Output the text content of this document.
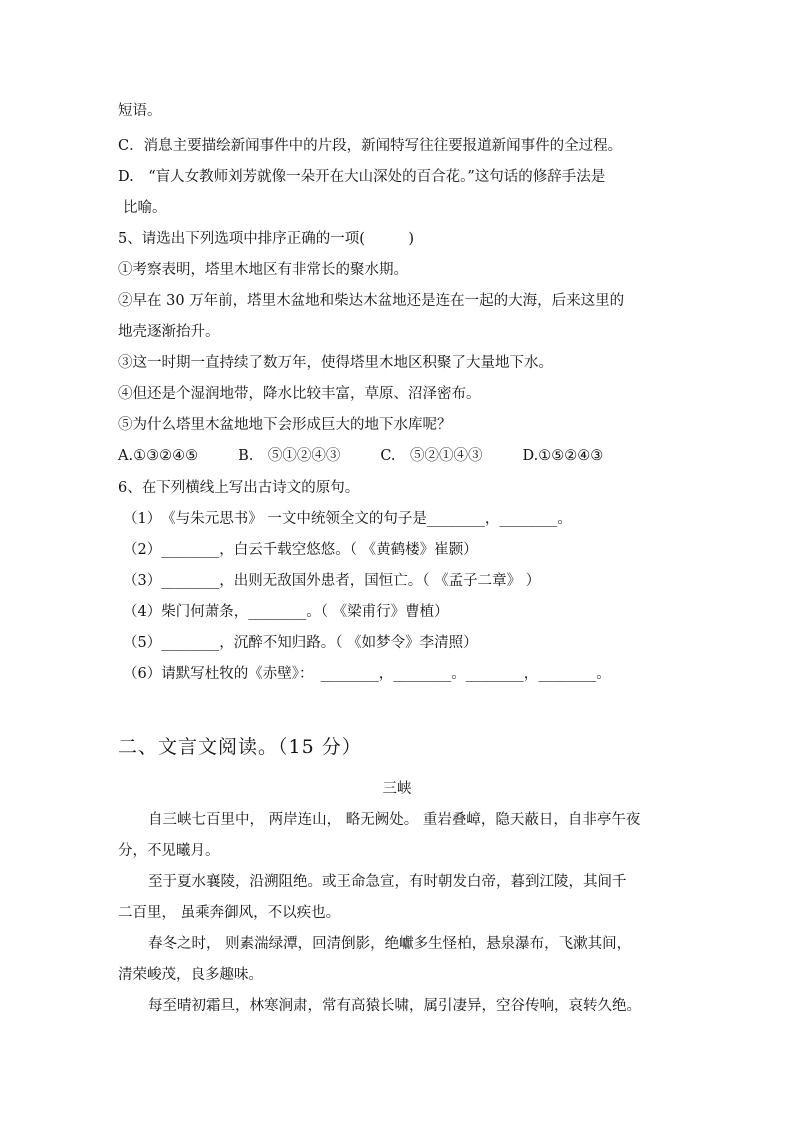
短语。
C．消息主要描绘新闻事件中的片段，新闻特写往往要报道新闻事件的全过程。
D.　“盲人女教师刘芳就像一朵开在大山深处的百合花。”这句话的修辞手法是
比喻。
5、请选出下列选项中排序正确的一项(　　　)
①考察表明，塔里木地区有非常长的聚水期。
②早在 30 万年前，塔里木盆地和柴达木盆地还是连在一起的大海，后来这里的
地壳逐渐抬升。
③这一时期一直持续了数万年，使得塔里木地区积聚了大量地下水。
④但还是个湿润地带，降水比较丰富，草原、沼泽密布。
⑤为什么塔里木盆地地下会形成巨大的地下水库呢？
A.①③②④⑤	B.　⑤①②④③	C.　⑤②①④③	D.①⑤②④③
6、在下列横线上写出古诗文的原句。
（1）　《与朱元思书》 一文中统领全文的句子是________，________。
（2）________，白云千载空悠悠。（ 《黄鹤楼》崔颢）
（3）________，出则无敌国外患者，国恒亡。（ 《孟子二章》 ）
（4）柴门何萧条，________。（ 《梁甫行》曹植）
（5）________，沉醉不知归路。（ 《如梦令》李清照）
（6）请默写杜牧的《赤壁》：　________，________。________，________。
二、文言文阅读。（15 分）
三峡
自三峡七百里中， 两岸连山， 略无阙处。 重岩叠嶂，隐天蔽日，自非亭午夜
分，不见曦月。
至于夏水襄陵，沿溯阻绝。或王命急宣，有时朝发白帝，暮到江陵，其间千
二百里， 虽乘奔御风，不以疾也。
春冬之时， 则素湍绿潭，回清倒影，绝巘多生怪柏，悬泉瀑布，飞漱其间，
清荣峻茂，良多趣味。
每至晴初霜旦，林寒涧肃，常有高猿长啸，属引凄异，空谷传响，哀转久绝。
